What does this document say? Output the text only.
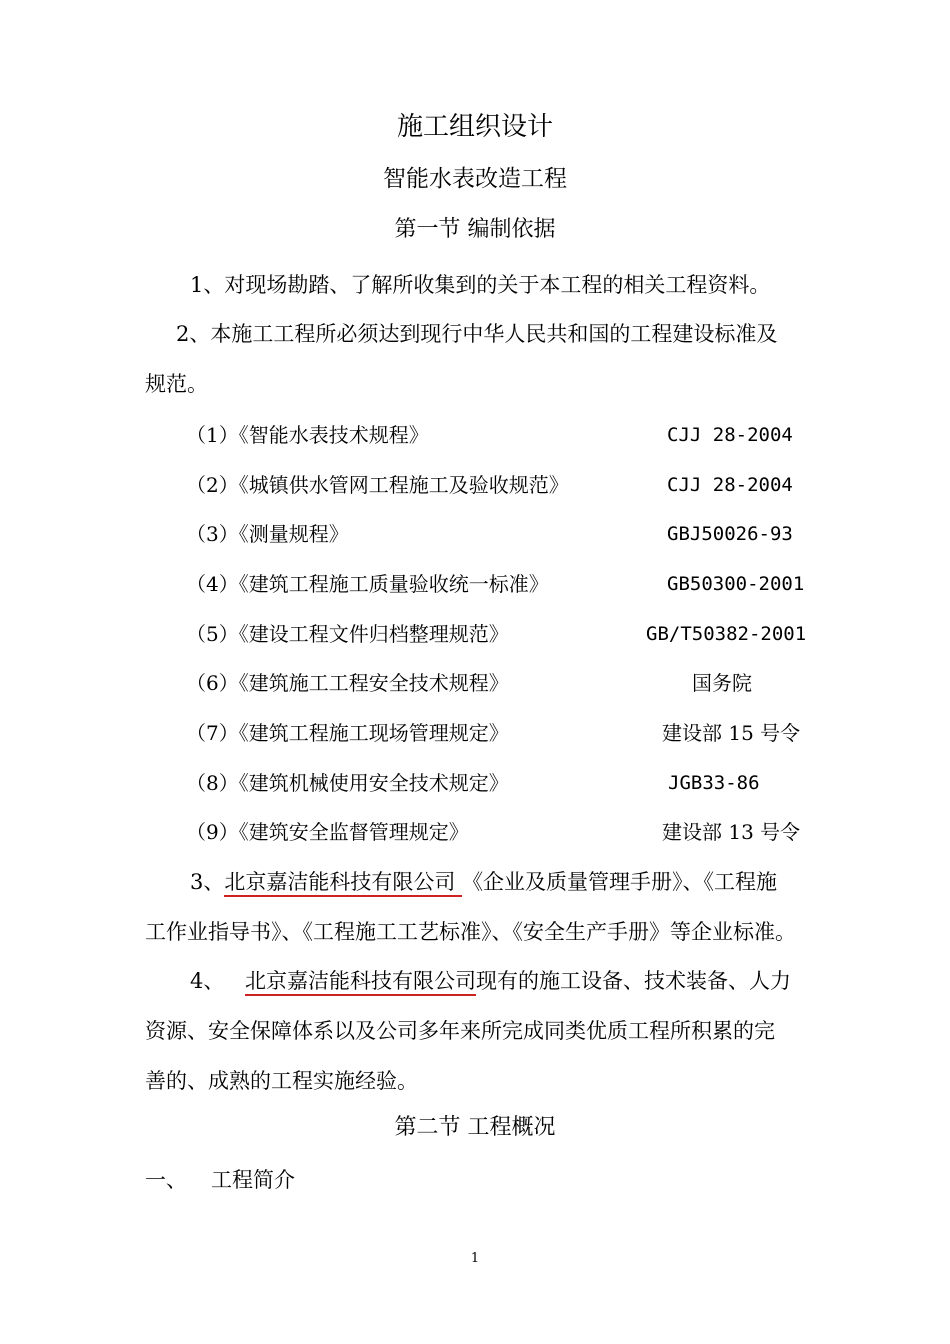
施工组织设计
智能水表改造工程
第一节 编制依据
1、对现场勘踏、了解所收集到的关于本工程的相关工程资料。
2、本施工工程所必须达到现行中华人民共和国的工程建设标准及
规范。
（1）《智能水表技术规程》	CJJ 28-2004
（2）《城镇供水管网工程施工及验收规范》	CJJ 28-2004
（3）《测量规程》	GBJ50026-93
（4）《建筑工程施工质量验收统一标准》	GB50300-2001
（5）《建设工程文件归档整理规范》	GB/T50382-2001
（6）《建筑施工工程安全技术规程》	国务院
（7）《建筑工程施工现场管理规定》	建设部 15 号令
（8）《建筑机械使用安全技术规定》	JGB33-86
（9）《建筑安全监督管理规定》	建设部 13 号令
3、北京嘉洁能科技有限公司 《企业及质量管理手册》、《工程施
工作业指导书》、《工程施工工艺标准》、《安全生产手册》等企业标准。
4、 北京嘉洁能科技有限公司现有的施工设备、技术装备、人力
资源、安全保障体系以及公司多年来所完成同类优质工程所积累的完
善的、成熟的工程实施经验。
第二节 工程概况
一、 工程简介
1
